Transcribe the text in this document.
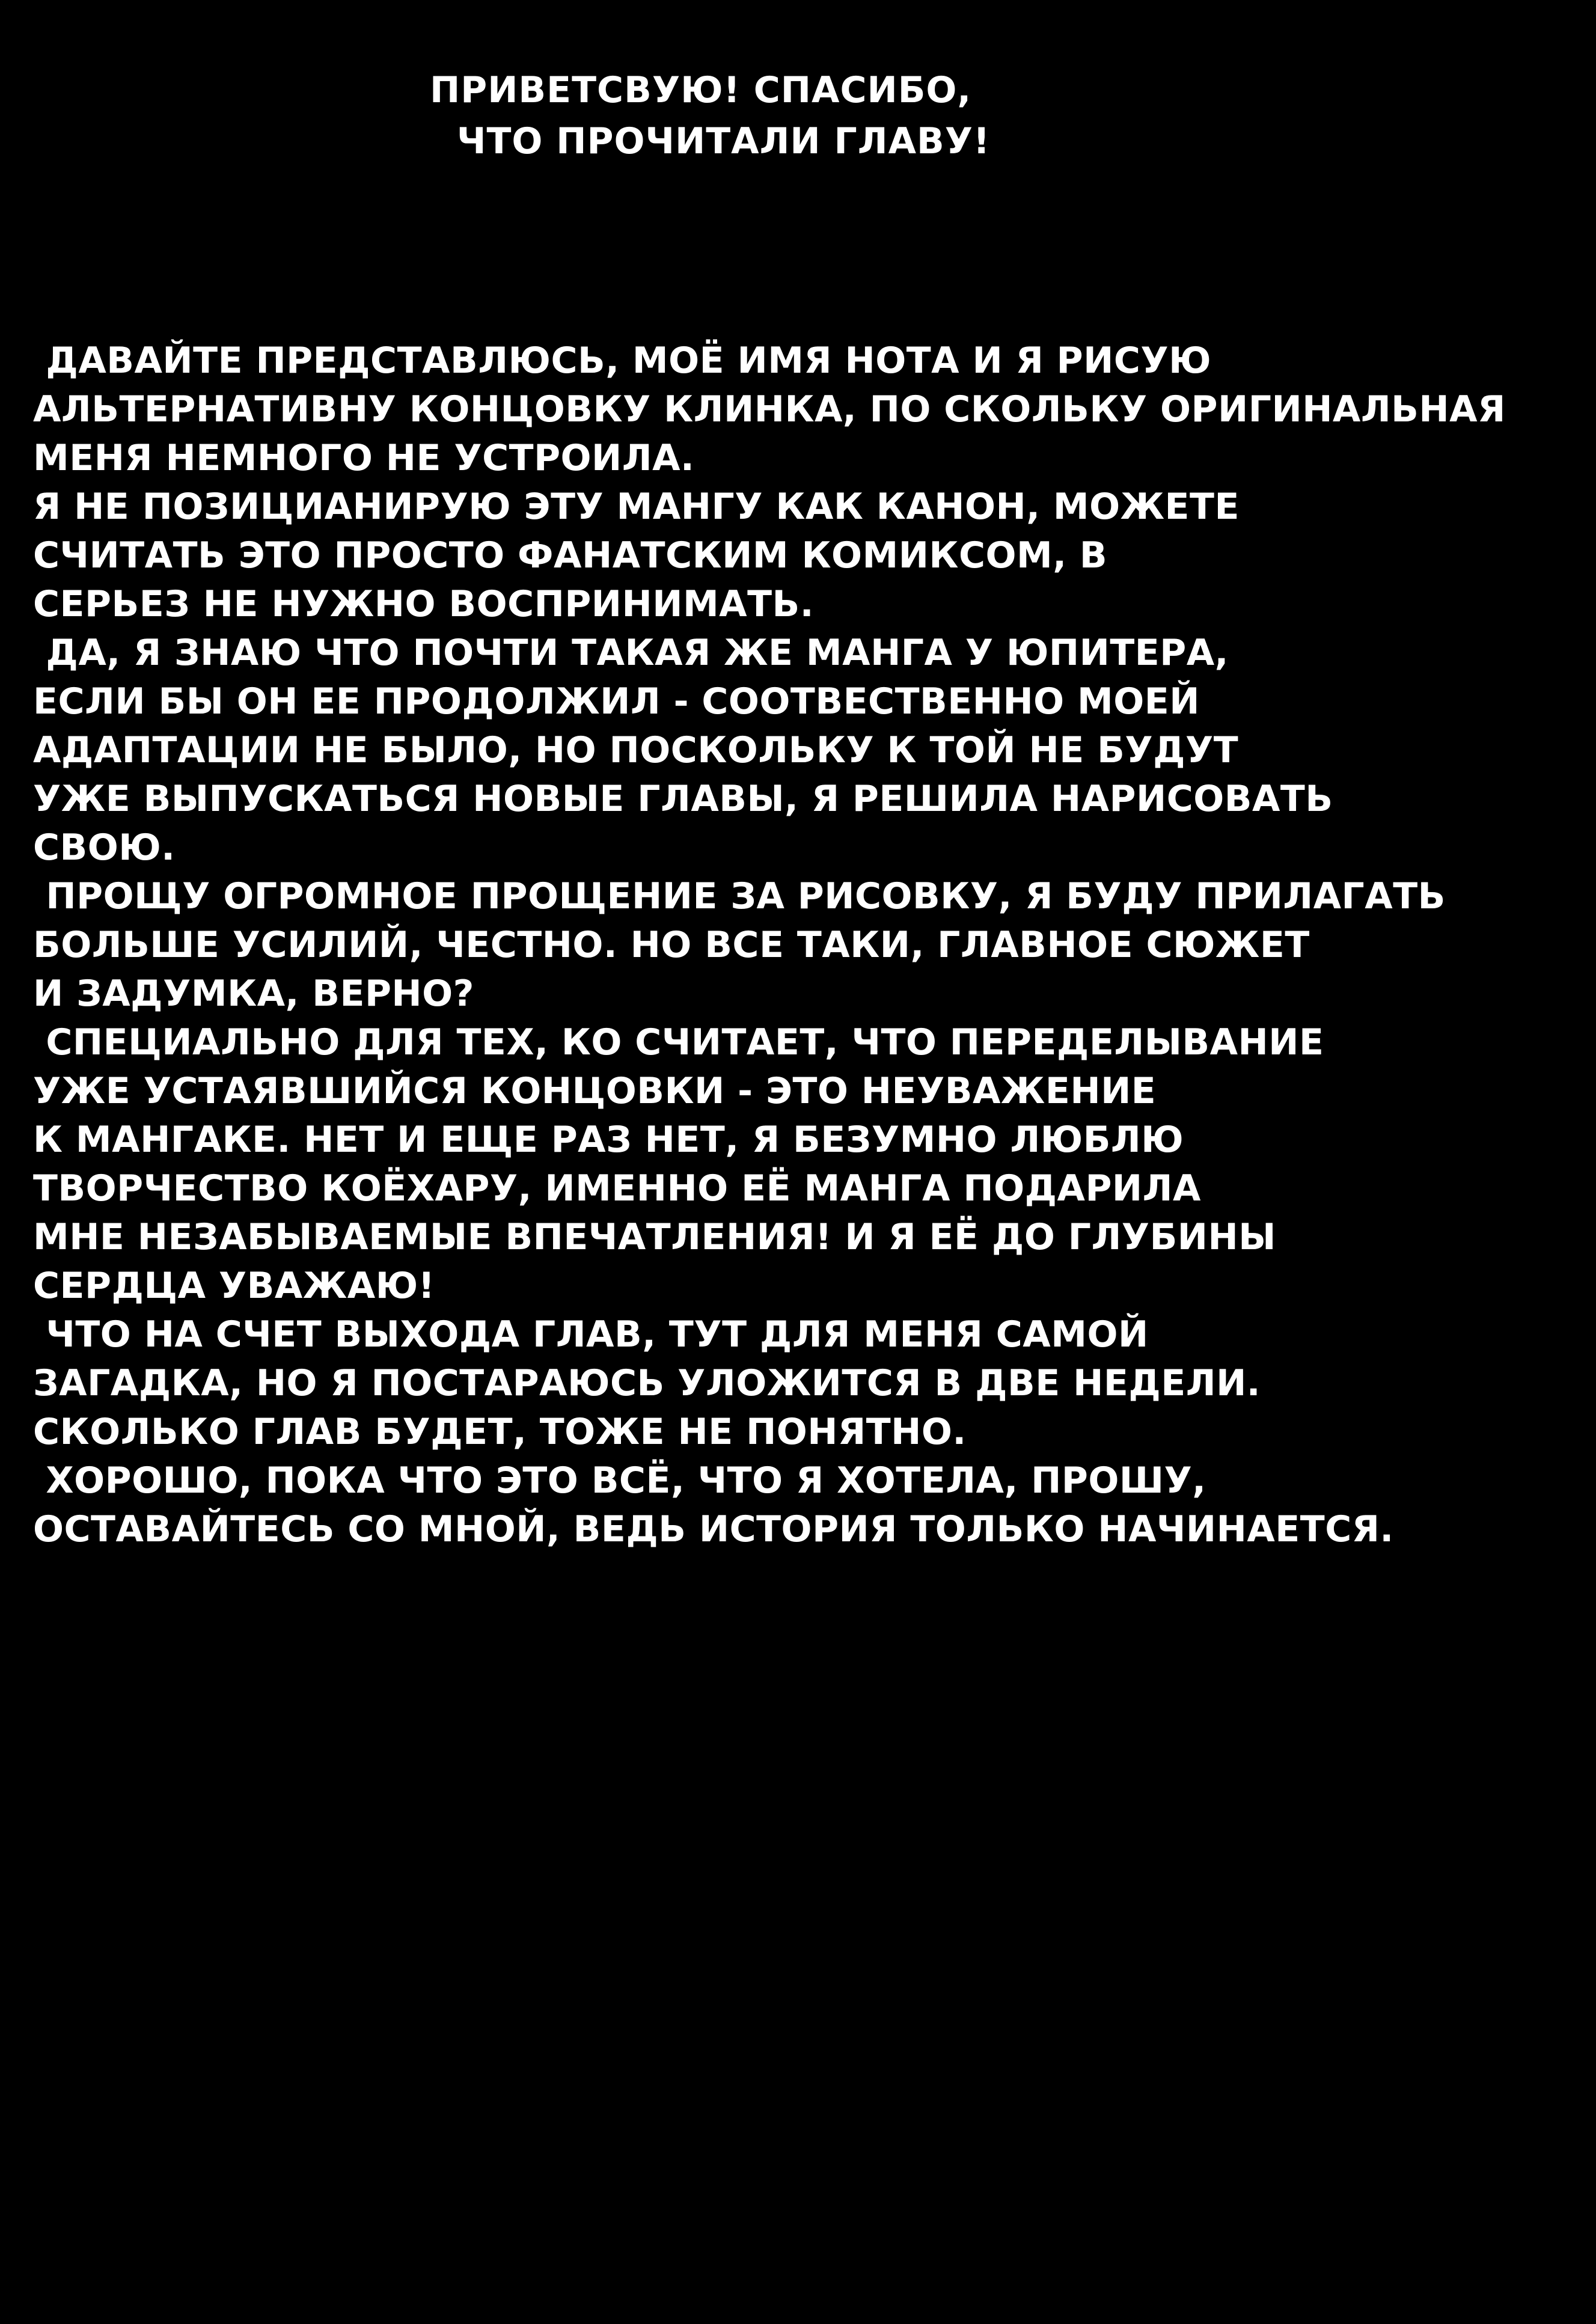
ПРИВЕТСВУЮ! СПАСИБО,
ЧТО ПРОЧИТАЛИ ГЛАВУ!
ДАВАЙТЕ ПРЕДСТАВЛЮСЬ, МОЁ ИМЯ НОТА И Я РИСУЮ
АЛЬТЕРНАТИВНУ КОНЦОВКУ КЛИНКА, ПО СКОЛЬКУ ОРИГИНАЛЬНАЯ
МЕНЯ НЕМНОГО НЕ УСТРОИЛА.
Я НЕ ПОЗИЦИАНИРУЮ ЭТУ МАНГУ КАК КАНОН, МОЖЕТЕ
СЧИТАТЬ ЭТО ПРОСТО ФАНАТСКИМ КОМИКСОМ, В
СЕРЬЕЗ НЕ НУЖНО ВОСПРИНИМАТЬ.
ДА, Я ЗНАЮ ЧТО ПОЧТИ ТАКАЯ ЖЕ МАНГА У ЮПИТЕРА,
ЕСЛИ БЫ ОН ЕЕ ПРОДОЛЖИЛ - СООТВЕСТВЕННО МОЕЙ
АДАПТАЦИИ НЕ БЫЛО, НО ПОСКОЛЬКУ К ТОЙ НЕ БУДУТ
УЖЕ ВЫПУСКАТЬСЯ НОВЫЕ ГЛАВЫ, Я РЕШИЛА НАРИСОВАТЬ
СВОЮ.
ПРОЩУ ОГРОМНОЕ ПРОЩЕНИЕ ЗА РИСОВКУ, Я БУДУ ПРИЛАГАТЬ
БОЛЬШЕ УСИЛИЙ, ЧЕСТНО. НО ВСЕ ТАКИ, ГЛАВНОЕ СЮЖЕТ
И ЗАДУМКА, ВЕРНО?
СПЕЦИАЛЬНО ДЛЯ ТЕХ, КО СЧИТАЕТ, ЧТО ПЕРЕДЕЛЫВАНИЕ
УЖЕ УСТАЯВШИЙСЯ КОНЦОВКИ - ЭТО НЕУВАЖЕНИЕ
К МАНГАКЕ. НЕТ И ЕЩЕ РАЗ НЕТ, Я БЕЗУМНО ЛЮБЛЮ
ТВОРЧЕСТВО КОЁХАРУ, ИМЕННО ЕЁ МАНГА ПОДАРИЛА
МНЕ НЕЗАБЫВАЕМЫЕ ВПЕЧАТЛЕНИЯ! И Я ЕЁ ДО ГЛУБИНЫ
СЕРДЦА УВАЖАЮ!
ЧТО НА СЧЕТ ВЫХОДА ГЛАВ, ТУТ ДЛЯ МЕНЯ САМОЙ
ЗАГАДКА, НО Я ПОСТАРАЮСЬ УЛОЖИТСЯ В ДВЕ НЕДЕЛИ.
СКОЛЬКО ГЛАВ БУДЕТ, ТОЖЕ НЕ ПОНЯТНО.
ХОРОШО, ПОКА ЧТО ЭТО ВСЁ, ЧТО Я ХОТЕЛА, ПРОШУ,
ОСТАВАЙТЕСЬ СО МНОЙ, ВЕДЬ ИСТОРИЯ ТОЛЬКО НАЧИНАЕТСЯ.
